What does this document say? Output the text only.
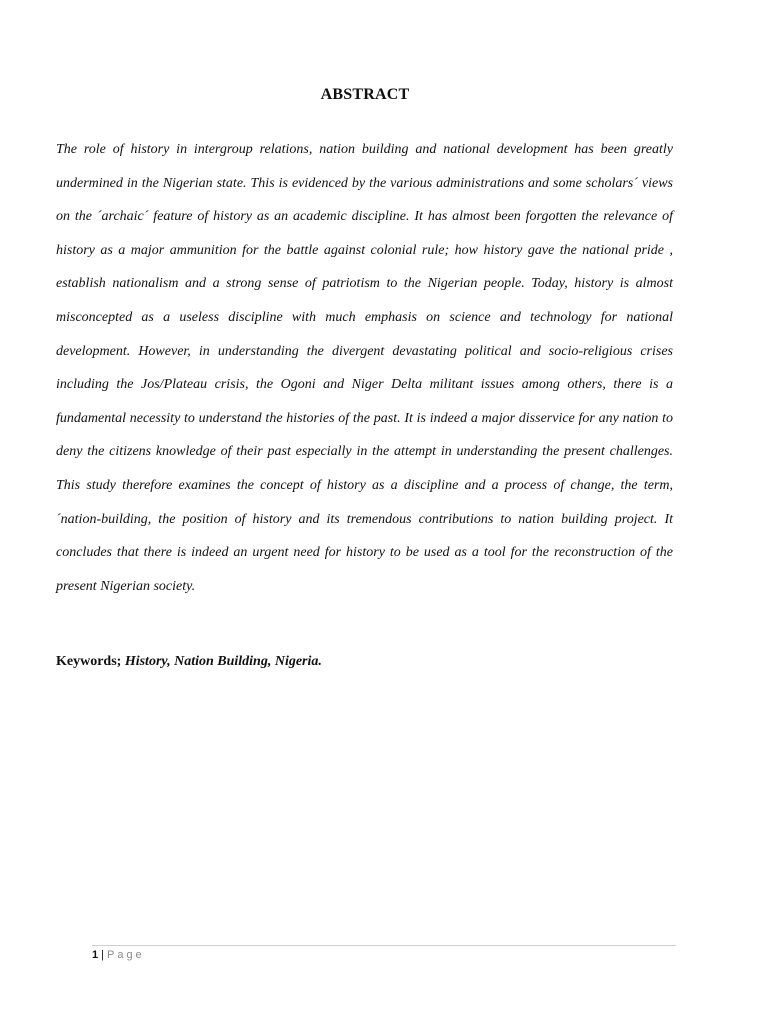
ABSTRACT

The role of history in intergroup relations, nation building and national development has been greatly undermined in the Nigerian state. This is evidenced by the various administrations and some scholars´ views on the ´archaic´ feature of history as an academic discipline. It has almost been forgotten the relevance of history as a major ammunition for the battle against colonial rule; how history gave the national pride , establish nationalism and a strong sense of patriotism to the Nigerian people. Today, history is almost misconcepted as a useless discipline with much emphasis on science and technology for national development. However, in understanding the divergent devastating political and socio-religious crises including the Jos/Plateau crisis, the Ogoni and Niger Delta militant issues among others, there is a fundamental necessity to understand the histories of the past. It is indeed a major disservice for any nation to deny the citizens knowledge of their past especially in the attempt in understanding the present challenges. This study therefore examines the concept of history as a discipline and a process of change, the term, ´nation-building, the position of history and its tremendous contributions to nation building project. It concludes that there is indeed an urgent need for history to be used as a tool for the reconstruction of the present Nigerian society.

Keywords; History, Nation Building, Nigeria.
1 | Page
